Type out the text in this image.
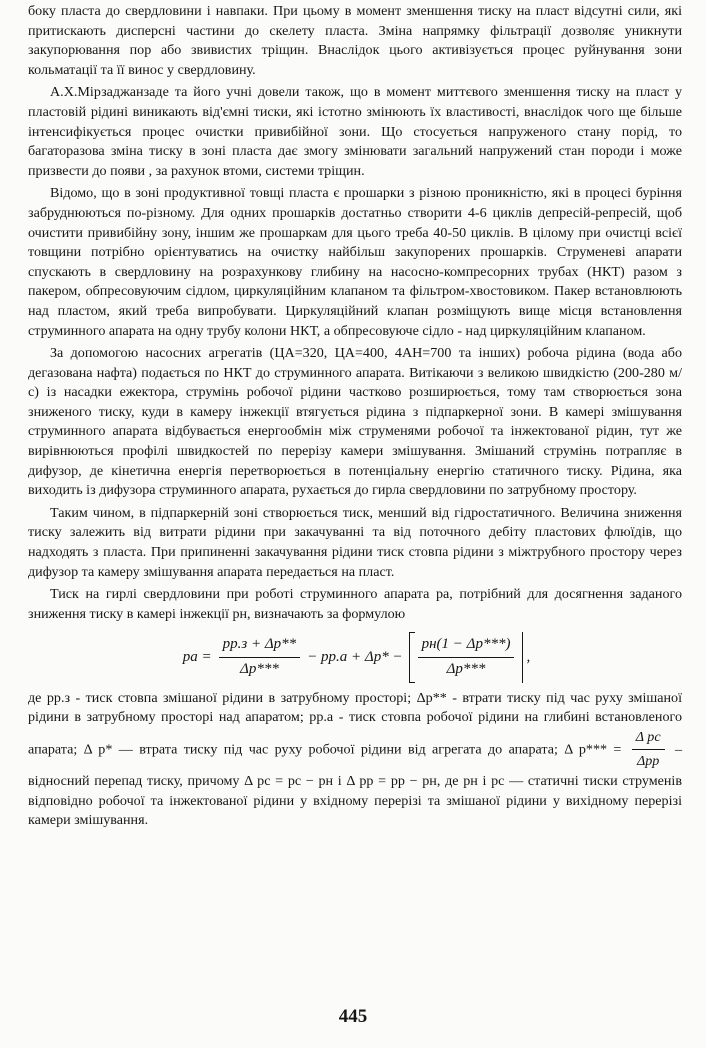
боку пласта до свердловини і навпаки. При цьому в момент зменшення тиску на пласт відсутні сили, які притискають дисперсні частини до скелету пласта. Зміна напрямку фільтрації дозволяє уникнути закупорювання пор або звивистих тріщин. Внаслідок цього активізується процес руйнування зони кольматації та її винос у свердловину.

А.Х.Мірзаджанзаде та його учні довели також, що в момент миттєвого зменшення тиску на пласт у пластовій рідині виникають від'ємні тиски, які істотно змінюють їх властивості, внаслідок чого ще більше інтенсифікується процес очистки привибійної зони. Що стосується напруженого стану порід, то багаторазова зміна тиску в зоні пласта дає змогу змінювати загальний напружений стан породи і може призвести до появи , за рахунок втоми, системи тріщин.

Відомо, що в зоні продуктивної товщі пласта є прошарки з різною проникністю, які в процесі буріння забруднюються по-різному. Для одних прошарків достатньо створити 4-6 циклів депресій-репресій, щоб очистити привибійну зону, іншим же прошаркам для цього треба 40-50 циклів. В цілому при очистці всієї товщини потрібно орієнтуватись на очистку найбільш закупорених прошарків. Струменеві апарати спускають в свердловину на розрахункову глибину на насосно-компресорних трубах (НКТ) разом з пакером, обпресовуючим сідлом, циркуляційним клапаном та фільтром-хвостовиком. Пакер встановлюють над пластом, який треба випробувати. Циркуляційний клапан розміщують вище місця встановлення струминного апарата на одну трубу колони НКТ, а обпресовуюче сідло - над циркуляційним клапаном.

За допомогою насосних агрегатів (ЦА=320, ЦА=400, 4АН=700 та інших) робоча рідина (вода або дегазована нафта) подається по НКТ до струминного апарата. Витікаючи з великою швидкістю (200-280 м/с) із насадки ежектора, струмінь робочої рідини частково розширюється, тому там створюється зона зниженого тиску, куди в камеру інжекції втягується рідина з підпаркерної зони. В камері змішування струминного апарата відбувається енергообмін між струменями робочої та інжектованої рідин, тут же вирівнюються профілі швидкостей по перерізу камери змішування. Змішаний струмінь потрапляє в дифузор, де кінетична енергія перетворюється в потенціальну енергію статичного тиску. Рідина, яка виходить із дифузора струминного апарата, рухається до гирла свердловини по затрубному простору.

Таким чином, в підпаркерній зоні створюється тиск, менший від гідростатичного. Величина зниження тиску залежить від витрати рідини при закачуванні та від поточного дебіту пластових флюїдів, що надходять з пласта. При припиненні закачування рідини тиск стовпа рідини з міжтрубного простору через дифузор та камеру змішування апарата передається на пласт.

Тиск на гирлі свердловини при роботі струминного апарата pа, потрібний для досягнення заданого зниження тиску в камері інжекції pн, визначають за формулою

pа = $\frac{pр.з + \Delta p**}{\Delta p***} - pр.а + \Delta p* - \frac{pн(1 - \Delta p***)}{\Delta p***}$ ,

де pр.з - тиск стовпа змішаної рідини в затрубному просторі; Δp** - втрати тиску під час руху змішаної рідини в затрубному просторі над апаратом; pр.а - тиск стовпа робочої рідини на глибині встановленого апарата; Δ p* — втрата тиску під час руху робочої рідини від агрегата до апарата; Δ $p*** = \frac{\text{Δ pс}}{\text{Δpр}}$ – відносний перепад тиску, причому Δ pс = pс − pн і Δ pр = pр − pн, де pн і pс — статичні тиски струменів відповідно робочої та інжектованої рідини у вхідному перерізі та змішаної рідини у вихідному перерізі камери змішування.

445
